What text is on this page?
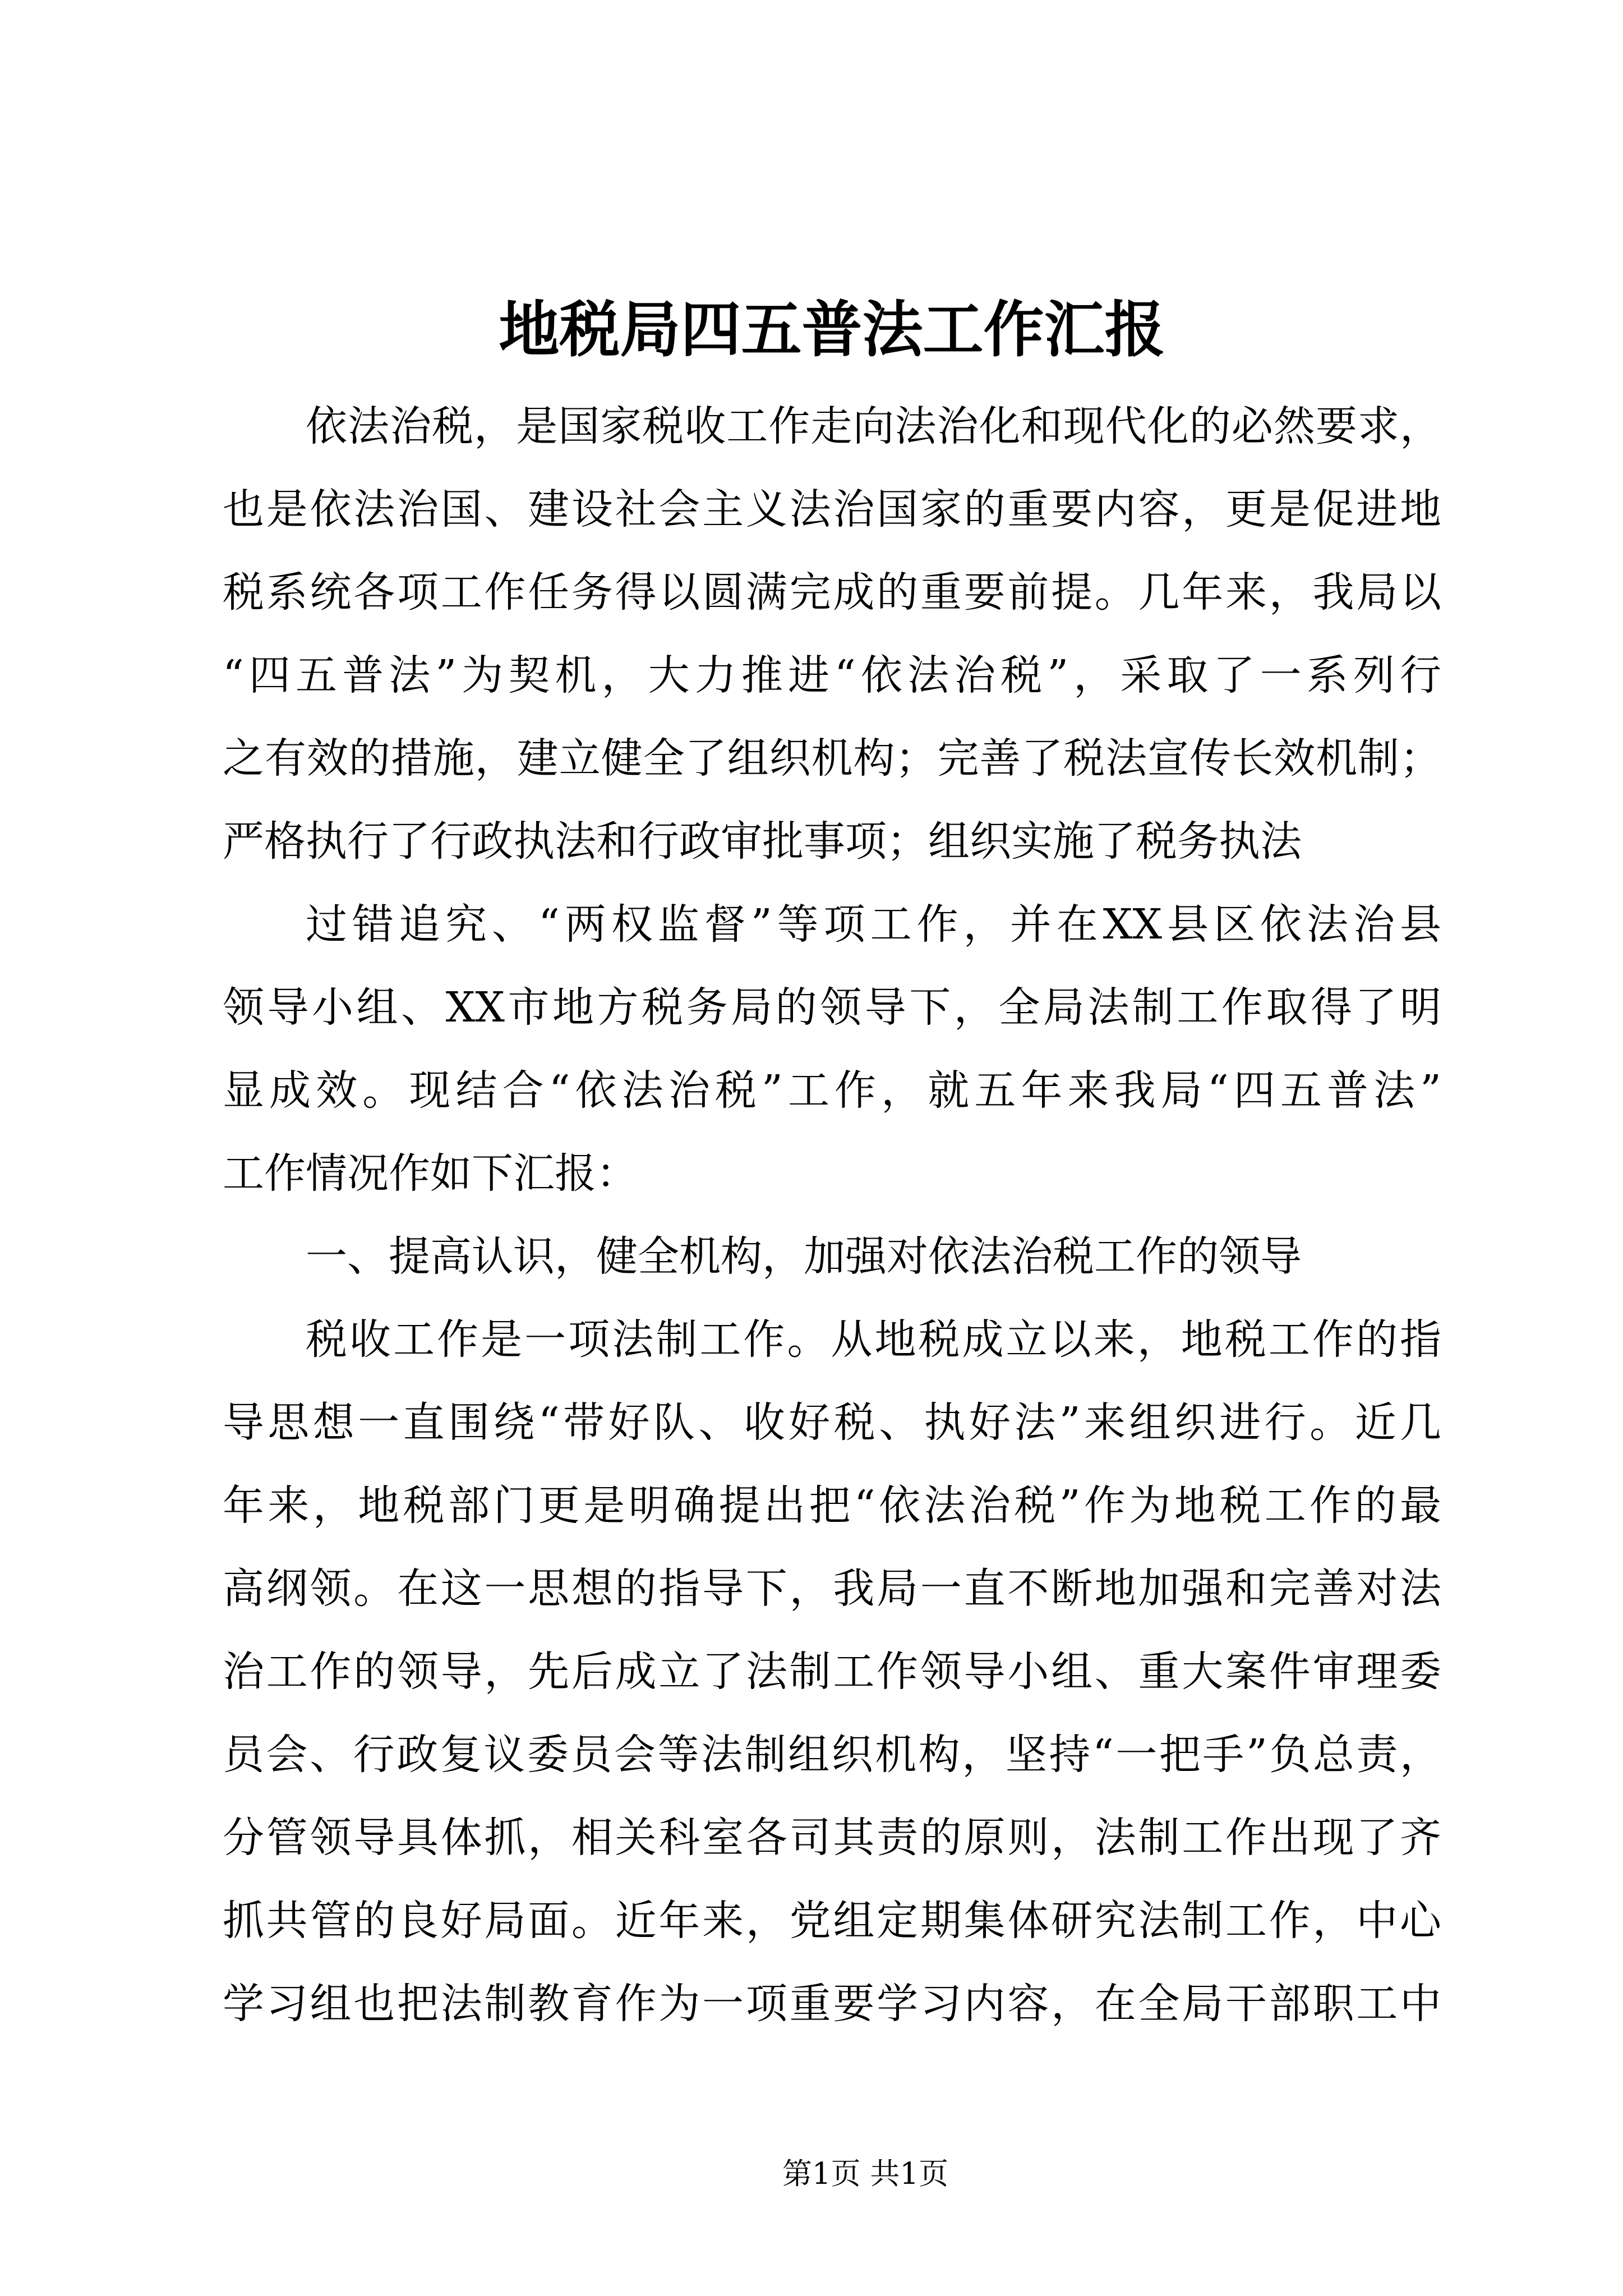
地税局四五普法工作汇报
依法治税，是国家税收工作走向法治化和现代化的必然要求，
也是依法治国、建设社会主义法治国家的重要内容，更是促进地
税系统各项工作任务得以圆满完成的重要前提。几年来，我局以
“四五普法”为契机，大力推进“依法治税”，采取了一系列行
之有效的措施，建立健全了组织机构；完善了税法宣传长效机制；
严格执行了行政执法和行政审批事项；组织实施了税务执法
过错追究、“两权监督”等项工作，并在XX县区依法治县
领导小组、XX市地方税务局的领导下，全局法制工作取得了明
显成效。现结合“依法治税”工作，就五年来我局“四五普法”
工作情况作如下汇报：
一、提高认识，健全机构，加强对依法治税工作的领导
税收工作是一项法制工作。从地税成立以来，地税工作的指
导思想一直围绕“带好队、收好税、执好法”来组织进行。近几
年来，地税部门更是明确提出把“依法治税”作为地税工作的最
高纲领。在这一思想的指导下，我局一直不断地加强和完善对法
治工作的领导，先后成立了法制工作领导小组、重大案件审理委
员会、行政复议委员会等法制组织机构，坚持“一把手”负总责，
分管领导具体抓，相关科室各司其责的原则，法制工作出现了齐
抓共管的良好局面。近年来，党组定期集体研究法制工作，中心
学习组也把法制教育作为一项重要学习内容，在全局干部职工中
第1页 共1页
